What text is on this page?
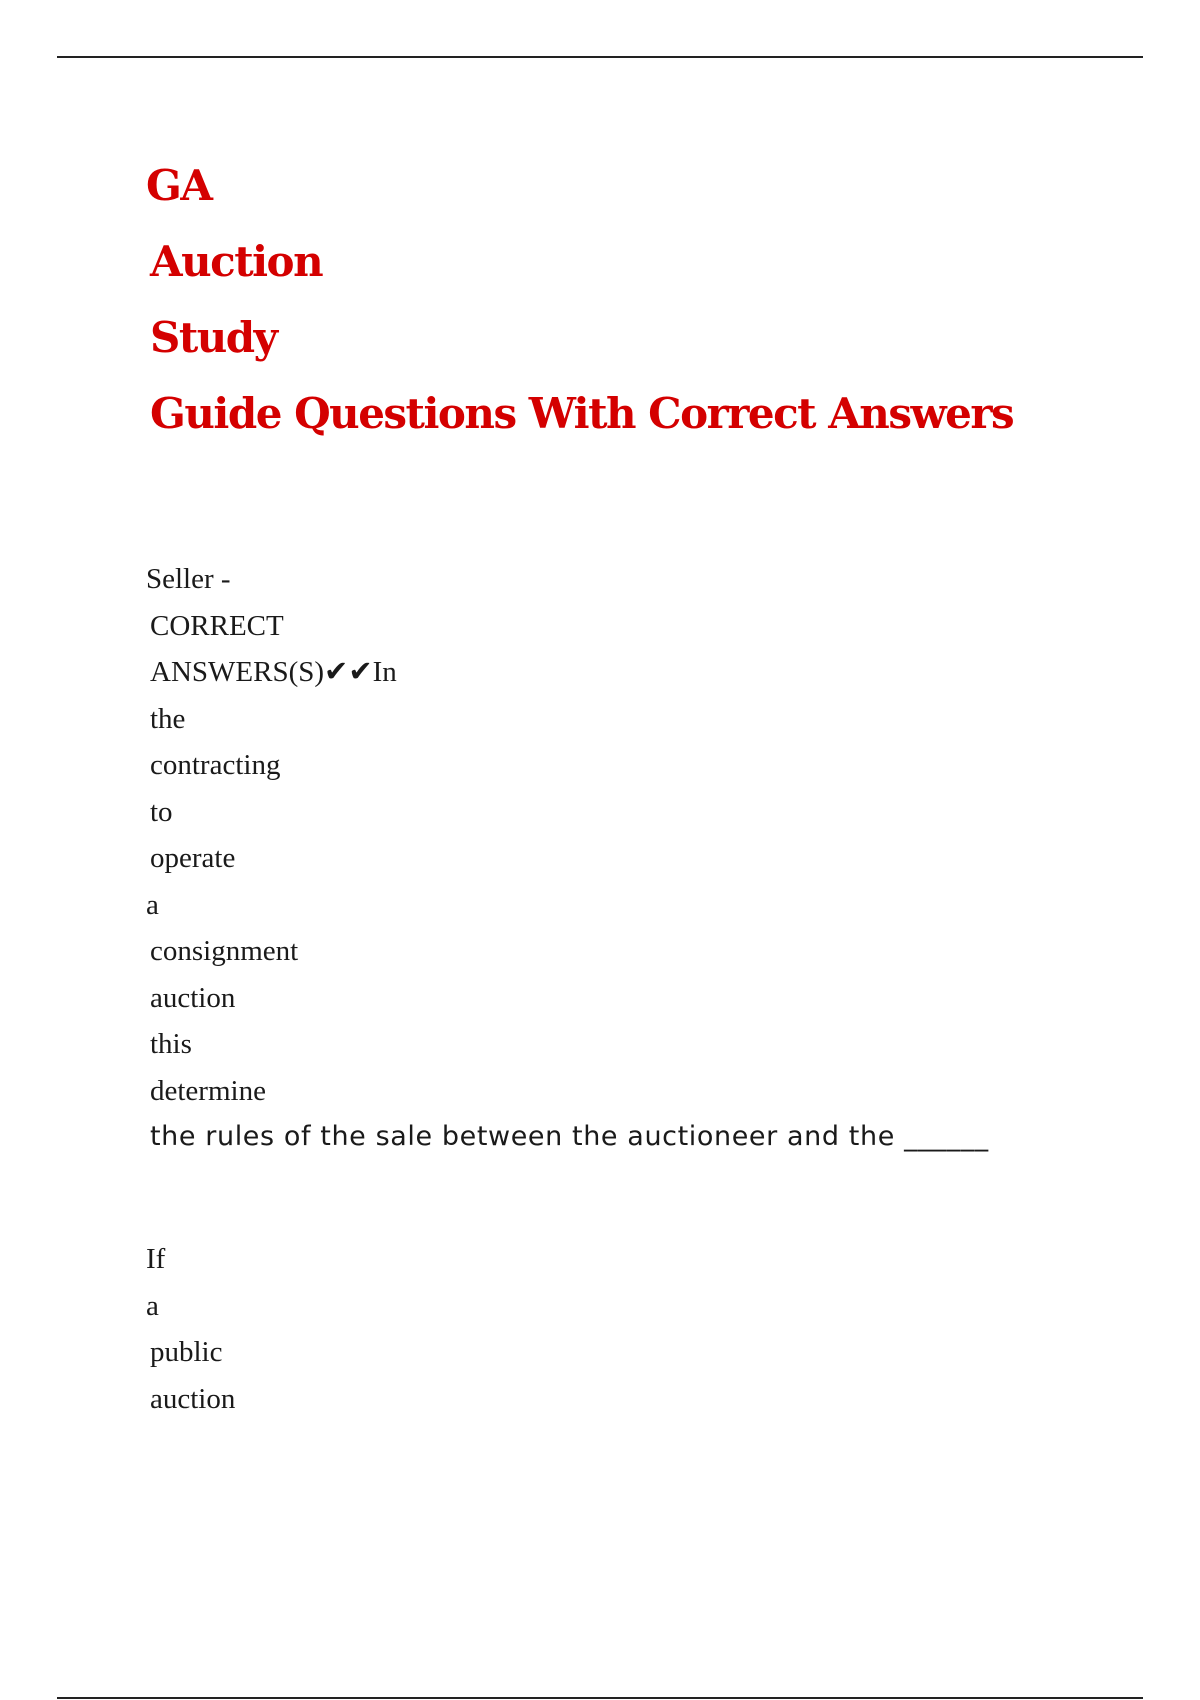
GA
Auction
Study
Guide Questions With Correct Answers
Seller -
CORRECT
ANSWERS(S)✔✔In
the
contracting
to
operate
a
consignment
auction
this
determine
the rules of the sale between the auctioneer and the ______
If
a
public
auction
